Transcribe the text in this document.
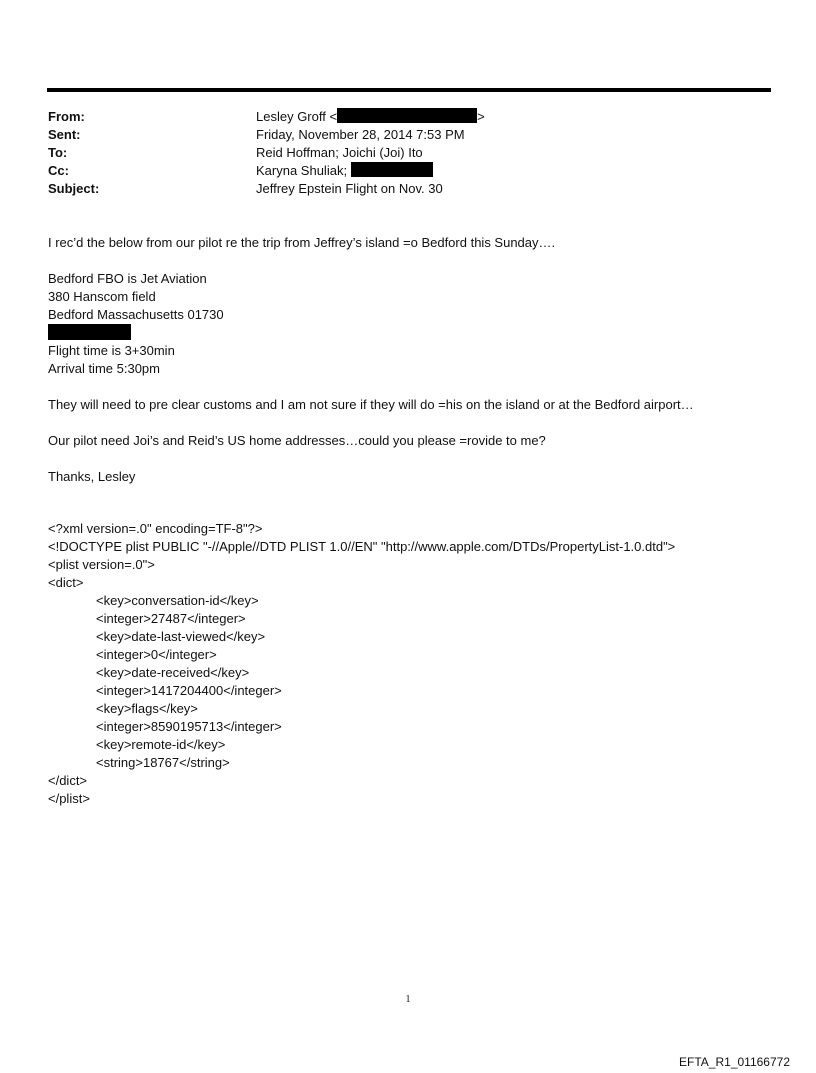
From:	Lesley Groff <	>
Sent:	Friday, November 28, 2014 7:53 PM
To:	Reid Hoffman; Joichi (Joi) Ito
Cc:	Karyna Shuliak;
Subject:	Jeffrey Epstein Flight on Nov. 30
I rec’d the below from our pilot re the trip from Jeffrey’s island =o Bedford this Sunday….
Bedford FBO is Jet Aviation
380 Hanscom field
Bedford Massachusetts 01730
Flight time is 3+30min
Arrival time 5:30pm
They will need to pre clear customs and I am not sure if they will do =his on the island or at the Bedford airport…
Our pilot need Joi’s and Reid’s US home addresses…could you please =rovide to me?
Thanks, Lesley
<?xml version=.0" encoding=TF-8"?>
<!DOCTYPE plist PUBLIC "-//Apple//DTD PLIST 1.0//EN" "http://www.apple.com/DTDs/PropertyList-1.0.dtd">
<plist version=.0">
<dict>
<key>conversation-id</key>
<integer>27487</integer>
<key>date-last-viewed</key>
<integer>0</integer>
<key>date-received</key>
<integer>1417204400</integer>
<key>flags</key>
<integer>8590195713</integer>
<key>remote-id</key>
<string>18767</string>
</dict>
</plist>
1
EFTA_R1_01166772
